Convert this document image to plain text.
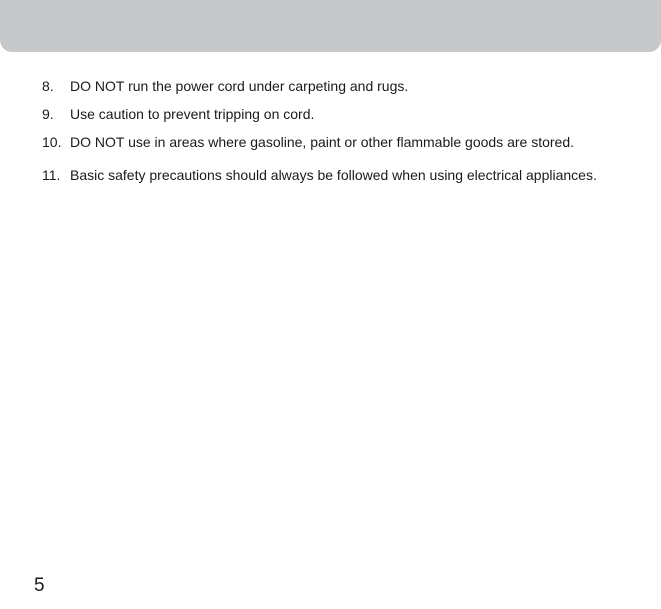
8. DO NOT run the power cord under carpeting and rugs.
9. Use caution to prevent tripping on cord.
10. DO NOT use in areas where gasoline, paint or other flammable goods are stored.
11. Basic safety precautions should always be followed when using electrical appliances.
5
